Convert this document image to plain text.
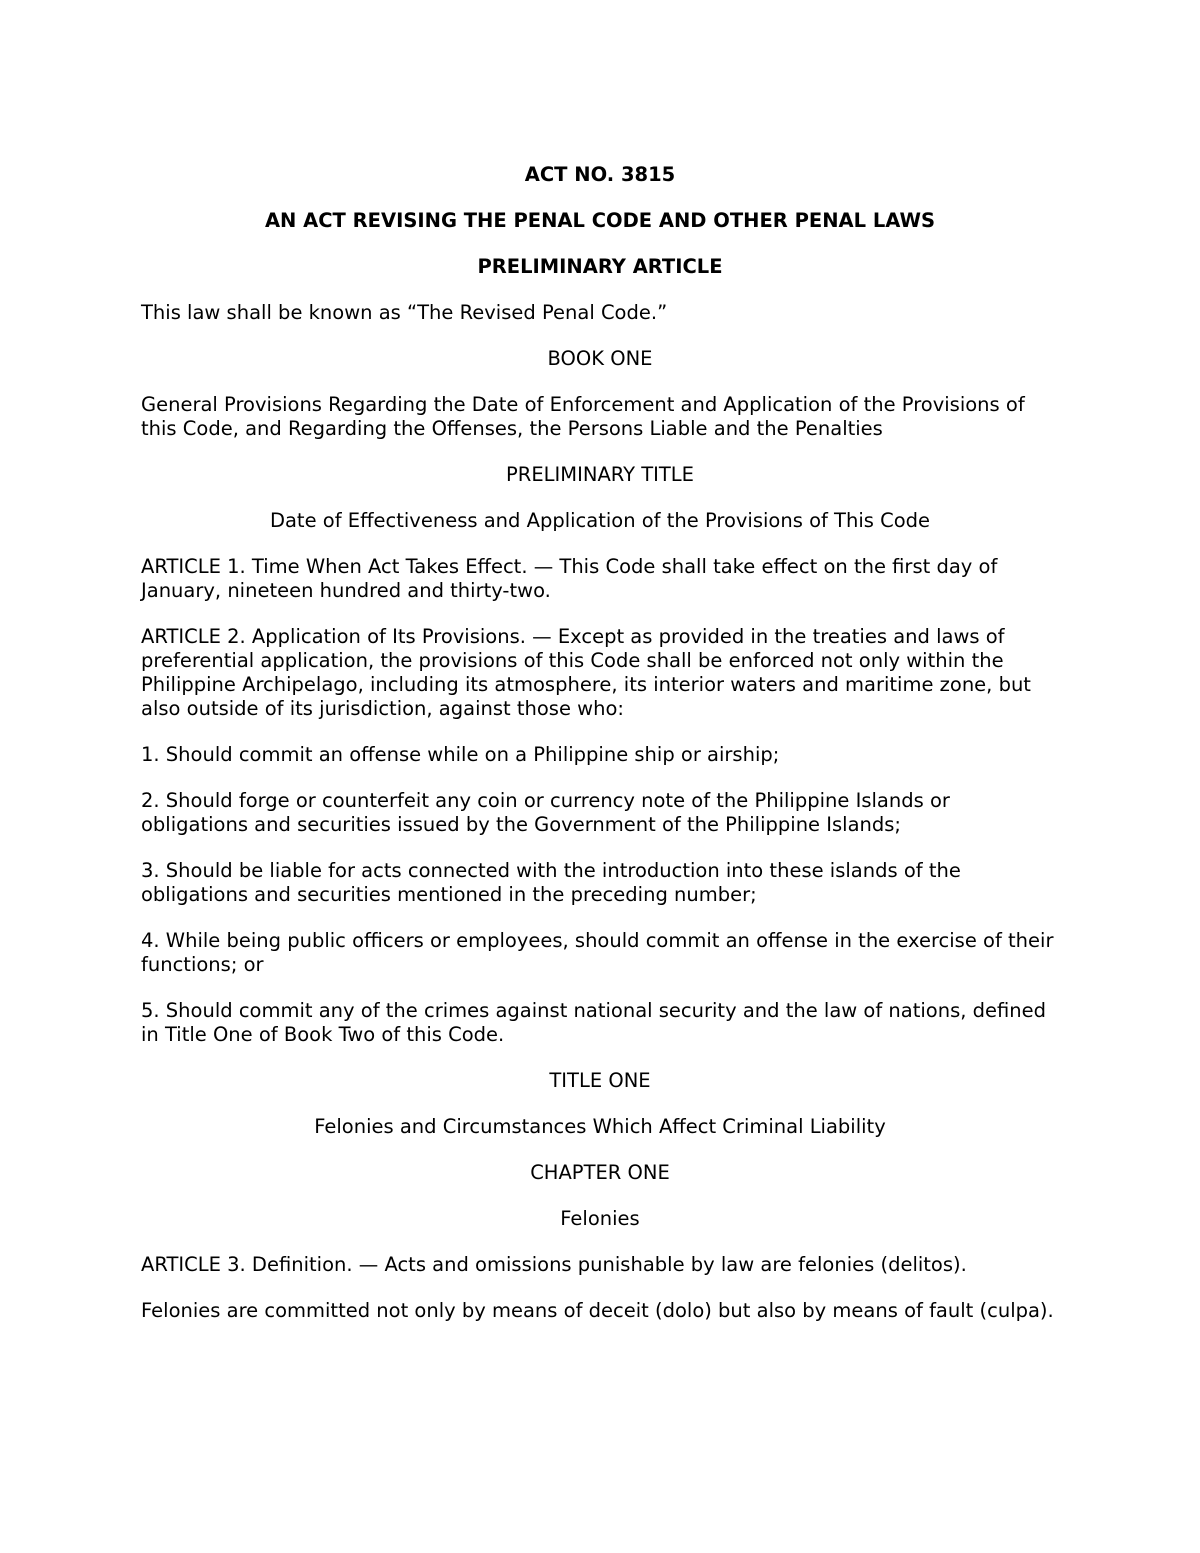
ACT NO. 3815

AN ACT REVISING THE PENAL CODE AND OTHER PENAL LAWS

PRELIMINARY ARTICLE

This law shall be known as “The Revised Penal Code.”

BOOK ONE

General Provisions Regarding the Date of Enforcement and Application of the Provisions of this Code, and Regarding the Offenses, the Persons Liable and the Penalties

PRELIMINARY TITLE

Date of Effectiveness and Application of the Provisions of This Code

ARTICLE 1. Time When Act Takes Effect. — This Code shall take effect on the first day of January, nineteen hundred and thirty-two.

ARTICLE 2. Application of Its Provisions. — Except as provided in the treaties and laws of preferential application, the provisions of this Code shall be enforced not only within the Philippine Archipelago, including its atmosphere, its interior waters and maritime zone, but also outside of its jurisdiction, against those who:

1. Should commit an offense while on a Philippine ship or airship;

2. Should forge or counterfeit any coin or currency note of the Philippine Islands or obligations and securities issued by the Government of the Philippine Islands;

3. Should be liable for acts connected with the introduction into these islands of the obligations and securities mentioned in the preceding number;

4. While being public officers or employees, should commit an offense in the exercise of their functions; or

5. Should commit any of the crimes against national security and the law of nations, defined in Title One of Book Two of this Code.

TITLE ONE

Felonies and Circumstances Which Affect Criminal Liability

CHAPTER ONE

Felonies

ARTICLE 3. Definition. — Acts and omissions punishable by law are felonies (delitos).

Felonies are committed not only by means of deceit (dolo) but also by means of fault (culpa).
